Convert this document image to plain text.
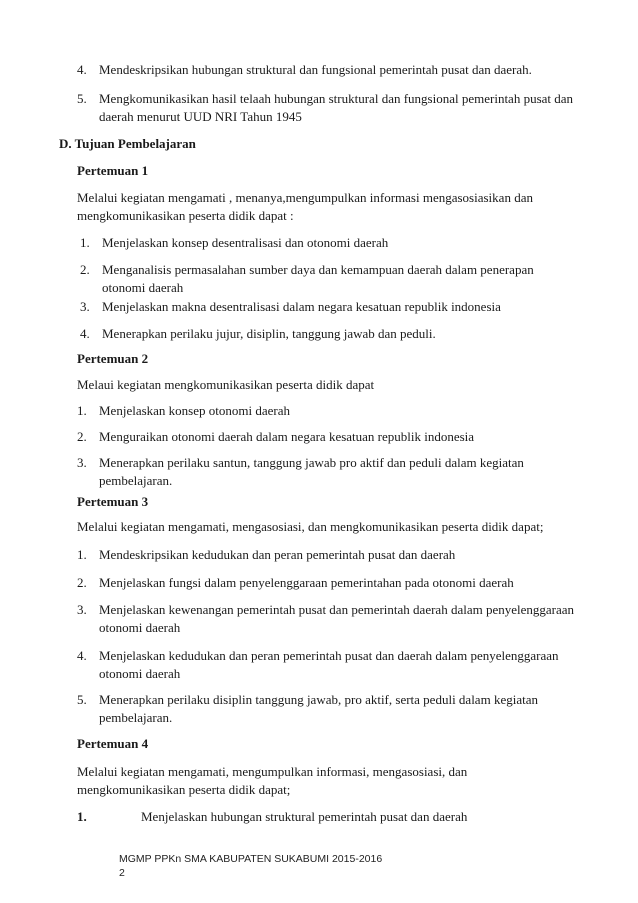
4. Mendeskripsikan hubungan struktural dan fungsional pemerintah pusat dan daerah.
5. Mengkomunikasikan hasil telaah hubungan struktural dan fungsional pemerintah pusat dan daerah menurut UUD NRI Tahun 1945
D. Tujuan Pembelajaran
Pertemuan 1
Melalui kegiatan mengamati , menanya,mengumpulkan informasi mengasosiasikan dan mengkomunikasikan peserta didik dapat :
1. Menjelaskan konsep desentralisasi dan otonomi daerah
2. Menganalisis permasalahan sumber daya dan kemampuan daerah dalam penerapan otonomi daerah
3. Menjelaskan makna desentralisasi dalam negara kesatuan republik indonesia
4. Menerapkan perilaku jujur, disiplin, tanggung jawab dan peduli.
Pertemuan 2
Melaui kegiatan mengkomunikasikan peserta didik dapat
1. Menjelaskan konsep otonomi daerah
2. Menguraikan otonomi daerah dalam negara kesatuan republik indonesia
3. Menerapkan perilaku santun, tanggung jawab pro aktif dan peduli dalam kegiatan pembelajaran.
Pertemuan 3
Melalui kegiatan mengamati, mengasosiasi, dan mengkomunikasikan peserta didik dapat;
1. Mendeskripsikan kedudukan dan peran pemerintah pusat dan daerah
2. Menjelaskan fungsi dalam penyelenggaraan pemerintahan pada otonomi daerah
3. Menjelaskan kewenangan pemerintah pusat dan pemerintah daerah dalam penyelenggaraan otonomi daerah
4. Menjelaskan kedudukan dan peran pemerintah pusat dan daerah dalam penyelenggaraan otonomi daerah
5. Menerapkan perilaku disiplin tanggung jawab, pro aktif, serta peduli dalam kegiatan pembelajaran.
Pertemuan 4
Melalui kegiatan mengamati, mengumpulkan informasi, mengasosiasi, dan mengkomunikasikan peserta didik dapat;
1.	Menjelaskan hubungan struktural pemerintah pusat dan daerah
MGMP PPKn SMA KABUPATEN SUKABUMI 2015-2016
2
